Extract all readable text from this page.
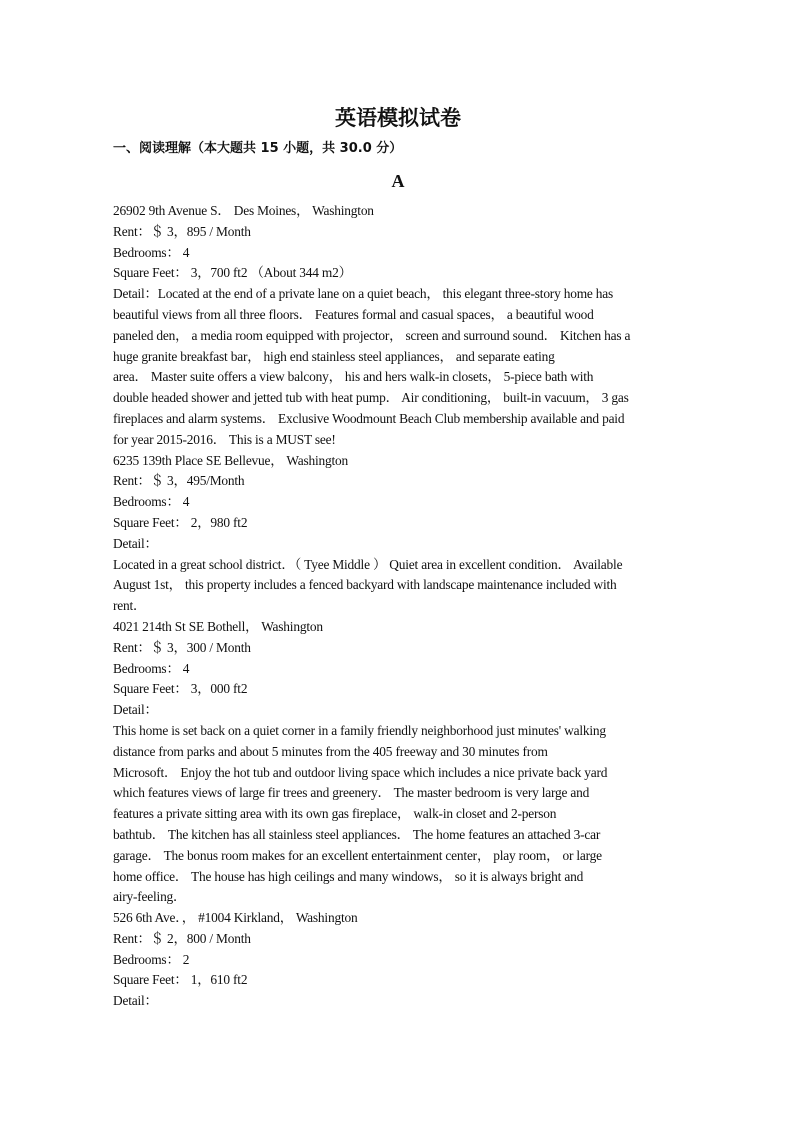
英语模拟试卷
一、阅读理解（本大题共 15 小题，共 30.0 分）
A
26902 9th Avenue S． Des Moines， Washington
Rent：＄ 3，895 / Month
Bedrooms： 4
Square Feet： 3，700 ft2 （About 344 m2）
Detail：Located at the end of a private lane on a quiet beach， this elegant three-story home has
beautiful views from all three floors． Features formal and casual spaces， a beautiful wood
paneled den， a media room equipped with projector， screen and surround sound． Kitchen has a
huge granite breakfast bar， high end stainless steel appliances， and separate eating
area． Master suite offers a view balcony， his and hers walk-in closets， 5-piece bath with
double headed shower and jetted tub with heat pump． Air conditioning， built-in vacuum， 3 gas
fireplaces and alarm systems． Exclusive Woodmount Beach Club membership available and paid
for year 2015-2016． This is a MUST see!
6235 139th Place SE Bellevue， Washington
Rent：＄ 3，495/Month
Bedrooms： 4
Square Feet： 2，980 ft2
Detail：
Located in a great school district．（ Tyee Middle ） Quiet area in excellent condition． Available
August 1st， this property includes a fenced backyard with landscape maintenance included with
rent．
4021 214th St SE Bothell， Washington
Rent：＄ 3，300 / Month
Bedrooms： 4
Square Feet： 3，000 ft2
Detail：
This home is set back on a quiet corner in a family friendly neighborhood just minutes' walking
distance from parks and about 5 minutes from the 405 freeway and 30 minutes from
Microsoft． Enjoy the hot tub and outdoor living space which includes a nice private back yard
which features views of large fir trees and greenery． The master bedroom is very large and
features a private sitting area with its own gas fireplace， walk-in closet and 2-person
bathtub． The kitchen has all stainless steel appliances． The home features an attached 3-car
garage． The bonus room makes for an excellent entertainment center， play room， or large
home office． The house has high ceilings and many windows， so it is always bright and
airy-feeling．
526 6th Ave．， #1004 Kirkland， Washington
Rent：＄ 2，800 / Month
Bedrooms： 2
Square Feet： 1，610 ft2
Detail：
